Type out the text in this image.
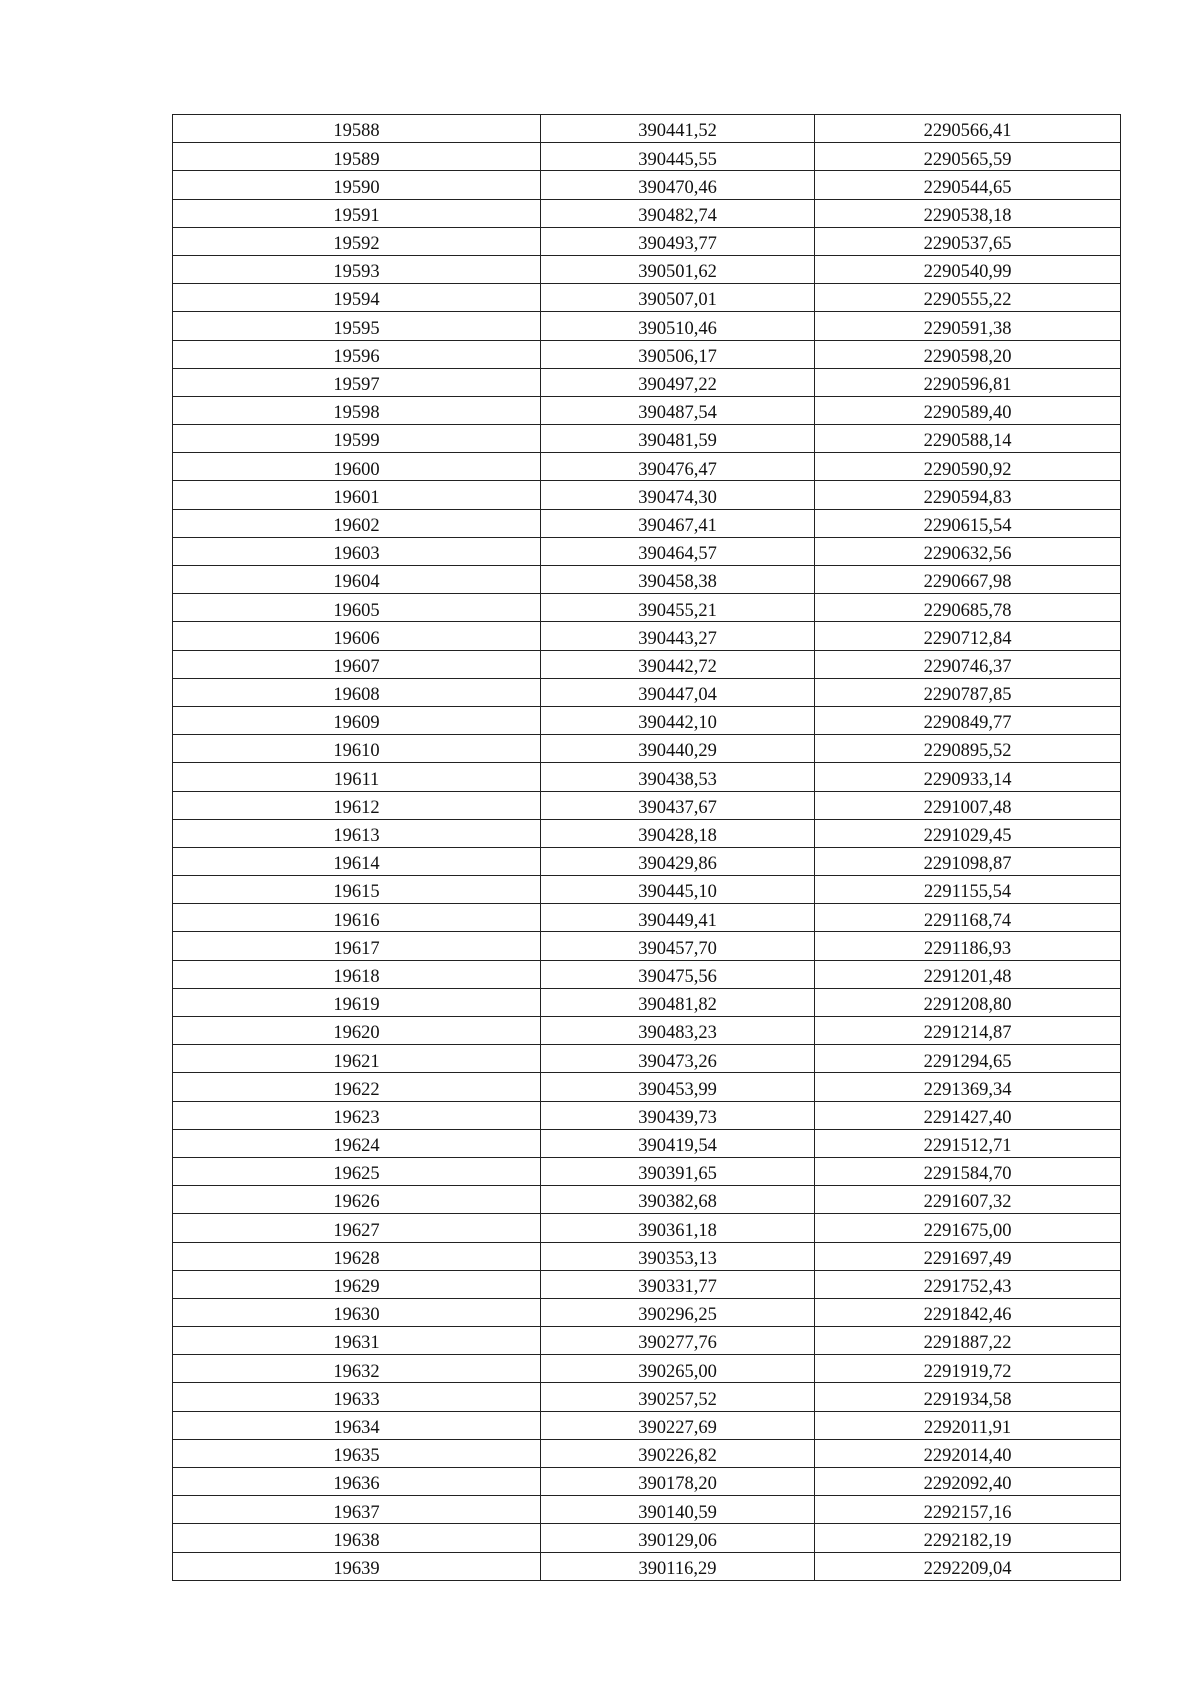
19588	390441,52	2290566,41
19589	390445,55	2290565,59
19590	390470,46	2290544,65
19591	390482,74	2290538,18
19592	390493,77	2290537,65
19593	390501,62	2290540,99
19594	390507,01	2290555,22
19595	390510,46	2290591,38
19596	390506,17	2290598,20
19597	390497,22	2290596,81
19598	390487,54	2290589,40
19599	390481,59	2290588,14
19600	390476,47	2290590,92
19601	390474,30	2290594,83
19602	390467,41	2290615,54
19603	390464,57	2290632,56
19604	390458,38	2290667,98
19605	390455,21	2290685,78
19606	390443,27	2290712,84
19607	390442,72	2290746,37
19608	390447,04	2290787,85
19609	390442,10	2290849,77
19610	390440,29	2290895,52
19611	390438,53	2290933,14
19612	390437,67	2291007,48
19613	390428,18	2291029,45
19614	390429,86	2291098,87
19615	390445,10	2291155,54
19616	390449,41	2291168,74
19617	390457,70	2291186,93
19618	390475,56	2291201,48
19619	390481,82	2291208,80
19620	390483,23	2291214,87
19621	390473,26	2291294,65
19622	390453,99	2291369,34
19623	390439,73	2291427,40
19624	390419,54	2291512,71
19625	390391,65	2291584,70
19626	390382,68	2291607,32
19627	390361,18	2291675,00
19628	390353,13	2291697,49
19629	390331,77	2291752,43
19630	390296,25	2291842,46
19631	390277,76	2291887,22
19632	390265,00	2291919,72
19633	390257,52	2291934,58
19634	390227,69	2292011,91
19635	390226,82	2292014,40
19636	390178,20	2292092,40
19637	390140,59	2292157,16
19638	390129,06	2292182,19
19639	390116,29	2292209,04
